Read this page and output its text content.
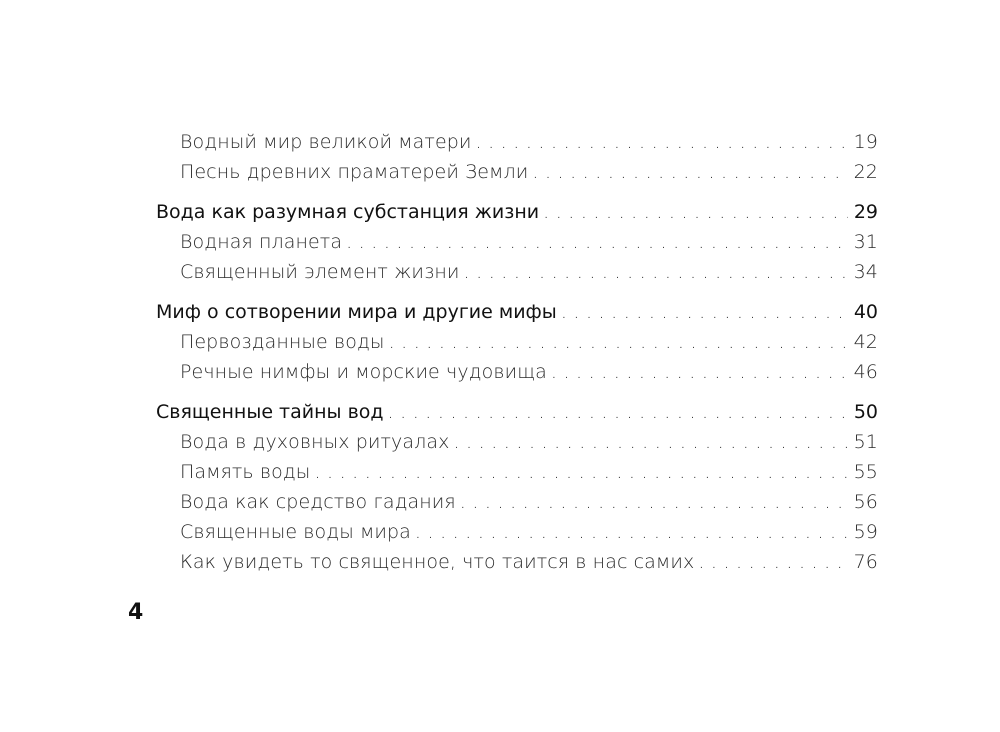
Водный мир великой матери . . .	19
Песнь древних праматерей Земли . . .	22
Вода как разумная субстанция жизни . . .	29
Водная планета . . .	31
Священный элемент жизни . . .	34
Миф о сотворении мира и другие мифы . . .	40
Первозданные воды . . .	42
Речные нимфы и морские чудовища . . .	46
Священные тайны вод . . .	50
Вода в духовных ритуалах . . .	51
Память воды . . .	55
Вода как средство гадания . . .	56
Священные воды мира . . .	59
Как увидеть то священное, что таится в нас самих . . .	76
4
